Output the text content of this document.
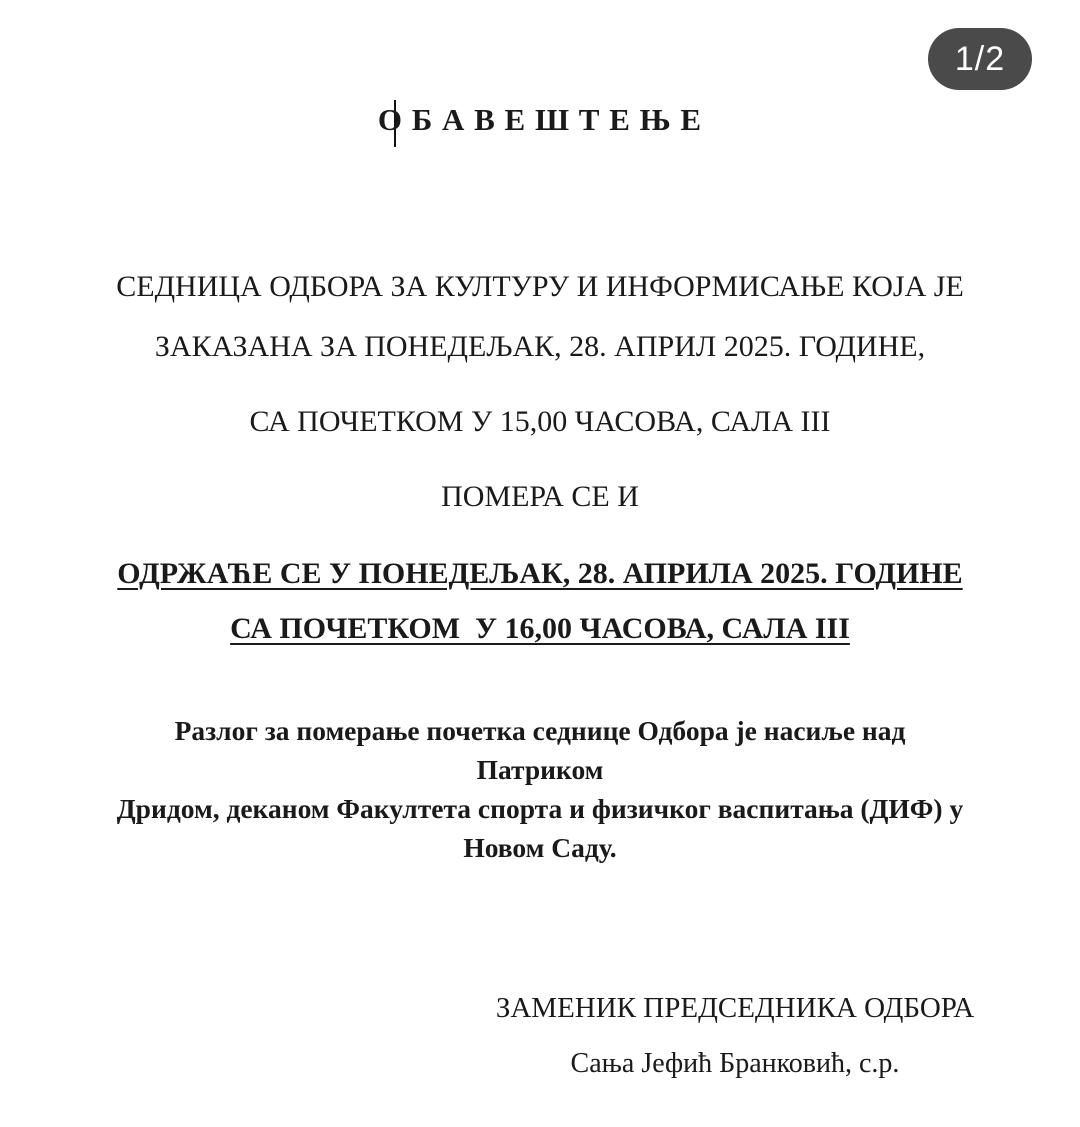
1/2
О Б А В Е Ш Т Е Њ Е

СЕДНИЦА ОДБОРА ЗА КУЛТУРУ И ИНФОРМИСАЊЕ КОЈА ЈЕ

ЗАКАЗАНА ЗА ПОНЕДЕЉАК, 28. АПРИЛ 2025. ГОДИНЕ,

СА ПОЧЕТКОМ У 15,00 ЧАСОВА, САЛА III

ПОМЕРА СЕ И

ОДРЖАЋЕ СЕ У ПОНЕДЕЉАК, 28. АПРИЛА 2025. ГОДИНЕ

СА ПОЧЕТКОМ  У 16,00 ЧАСОВА, САЛА III

Разлог за померање почетка седнице Одбора је насиље над Патриком
Дридом, деканом Факултета спорта и физичког васпитања (ДИФ) у
Новом Саду.
ЗАМЕНИК ПРЕДСЕДНИКА ОДБОРА
Сања Јефић Бранковић, с.р.
